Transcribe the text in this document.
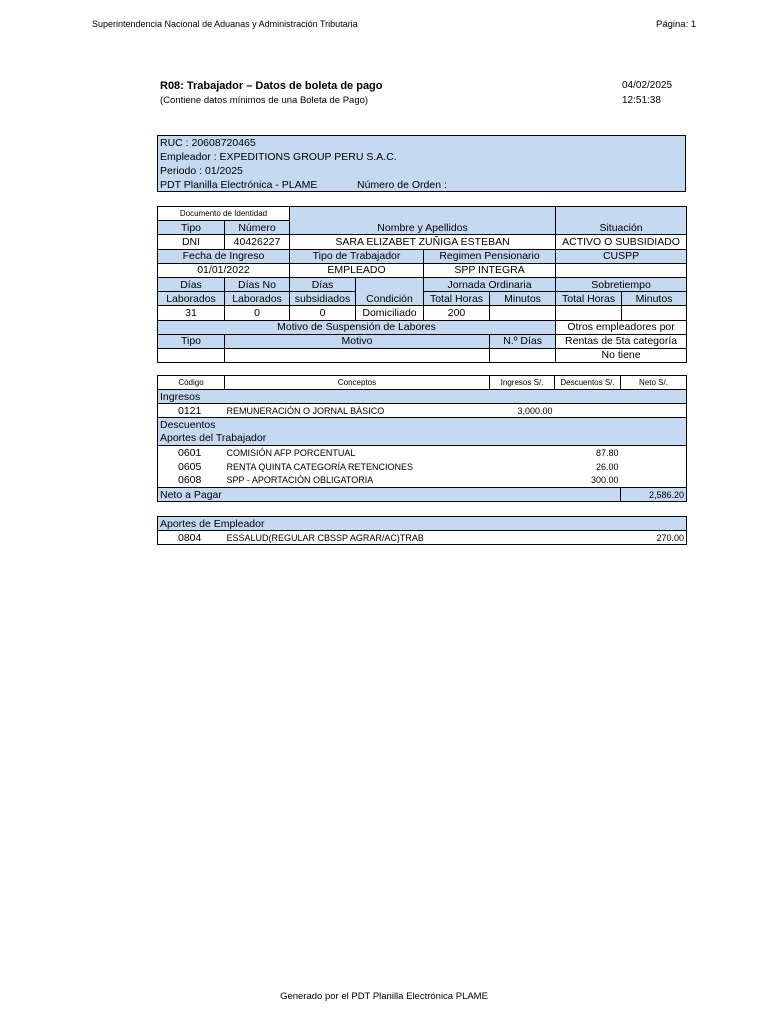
Superintendencia Nacional de Aduanas y Administración Tributaria	Página: 1
R08: Trabajador – Datos de boleta de pago
(Contiene datos mínimos de una Boleta de Pago)
04/02/2025
12:51:38
RUC : 20608720465
Empleador : EXPEDITIONS GROUP PERU S.A.C.
Periodo : 01/2025
PDT Planilla Electrónica - PLAME	Número de Orden :
Documento de Identidad		Nombre y Apellidos				Situación	
Tipo	Número						
DNI	40426227	SARA ELIZABET ZUÑIGA ESTEBAN				ACTIVO O SUBSIDIADO	
Fecha de Ingreso		Tipo de Trabajador		Regimen Pensionario		CUSPP	
01/01/2022		EMPLEADO		SPP INTEGRA			
Días	Días No	Días	Condición	Jornada Ordinaria		Sobretiempo	
Laborados	Laborados	subsidiados		Total Horas	Minutos	Total Horas	Minutos
31	0	0	Domiciliado	200			
Motivo de Suspensión de Labores						Otros empleadores por	
Tipo	Motivo				N.º Días	Rentas de 5ta categoría	
						No tiene	
Código	Conceptos	Ingresos S/.	Descuentos S/.	Neto S/.
Ingresos				
0121	REMUNERACIÓN O JORNAL BÁSICO	3,000.00		
Descuentos				
Aportes del Trabajador				
0601	COMISIÓN AFP PORCENTUAL		87.80	
0605	RENTA QUINTA CATEGORÍA RETENCIONES		26.00	
0608	SPP - APORTACIÓN OBLIGATORIA		300.00	
Neto a Pagar				2,586.20
Aportes de Empleador
0804	ESSALUD(REGULAR CBSSP AGRAR/AC)TRAB			270.00
Generado por el PDT Planilla Electrónica PLAME
